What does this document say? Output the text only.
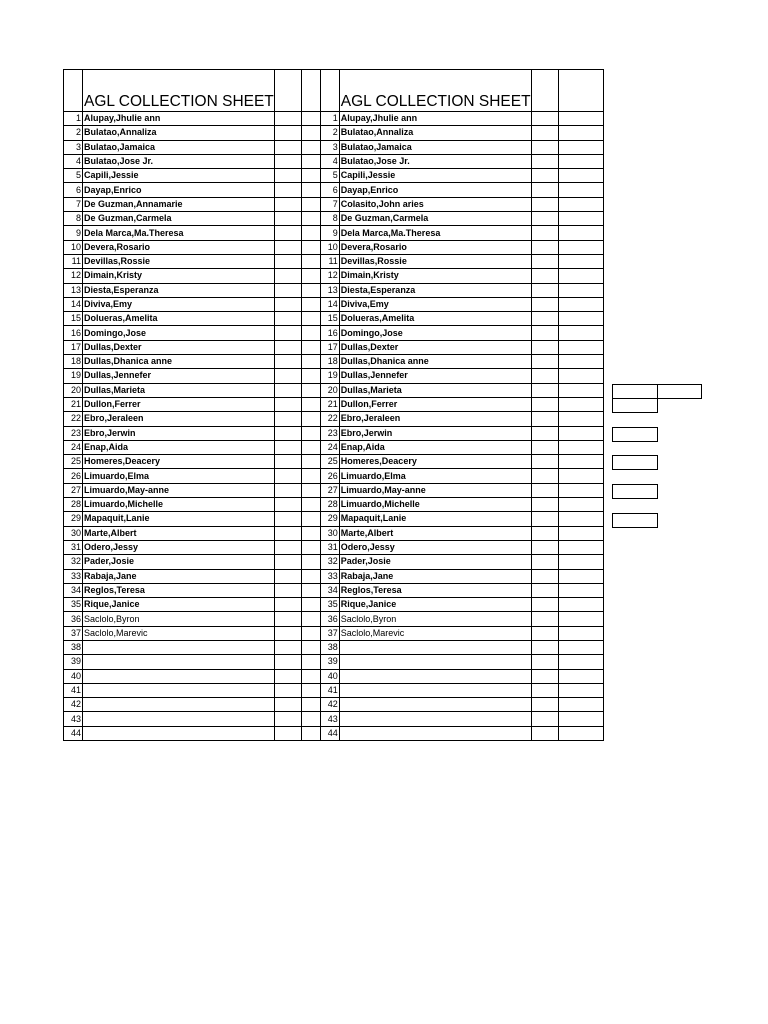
	AGL COLLECTION SHEET				AGL COLLECTION SHEET		
1	Alupay,Jhulie ann			1	Alupay,Jhulie ann		
2	Bulatao,Annaliza			2	Bulatao,Annaliza		
3	Bulatao,Jamaica			3	Bulatao,Jamaica		
4	Bulatao,Jose Jr.			4	Bulatao,Jose Jr.		
5	Capili,Jessie			5	Capili,Jessie		
6	Dayap,Enrico			6	Dayap,Enrico		
7	De Guzman,Annamarie			7	Colasito,John aries		
8	De Guzman,Carmela			8	De Guzman,Carmela		
9	Dela Marca,Ma.Theresa			9	Dela Marca,Ma.Theresa		
10	Devera,Rosario			10	Devera,Rosario		
11	Devillas,Rossie			11	Devillas,Rossie		
12	Dimain,Kristy			12	Dimain,Kristy		
13	Diesta,Esperanza			13	Diesta,Esperanza		
14	Diviva,Emy			14	Diviva,Emy		
15	Dolueras,Amelita			15	Dolueras,Amelita		
16	Domingo,Jose			16	Domingo,Jose		
17	Dullas,Dexter			17	Dullas,Dexter		
18	Dullas,Dhanica anne			18	Dullas,Dhanica anne		
19	Dullas,Jennefer			19	Dullas,Jennefer		
20	Dullas,Marieta			20	Dullas,Marieta		
21	Dullon,Ferrer			21	Dullon,Ferrer		
22	Ebro,Jeraleen			22	Ebro,Jeraleen		
23	Ebro,Jerwin			23	Ebro,Jerwin		
24	Enap,Aida			24	Enap,Aida		
25	Homeres,Deacery			25	Homeres,Deacery		
26	Limuardo,Elma			26	Limuardo,Elma		
27	Limuardo,May-anne			27	Limuardo,May-anne		
28	Limuardo,Michelle			28	Limuardo,Michelle		
29	Mapaquit,Lanie			29	Mapaquit,Lanie		
30	Marte,Albert			30	Marte,Albert		
31	Odero,Jessy			31	Odero,Jessy		
32	Pader,Josie			32	Pader,Josie		
33	Rabaja,Jane			33	Rabaja,Jane		
34	Reglos,Teresa			34	Reglos,Teresa		
35	Rique,Janice			35	Rique,Janice		
36	Saclolo,Byron			36	Saclolo,Byron		
37	Saclolo,Marevic			37	Saclolo,Marevic		
38				38			
39				39			
40				40			
41				41			
42				42			
43				43			
44				44			
